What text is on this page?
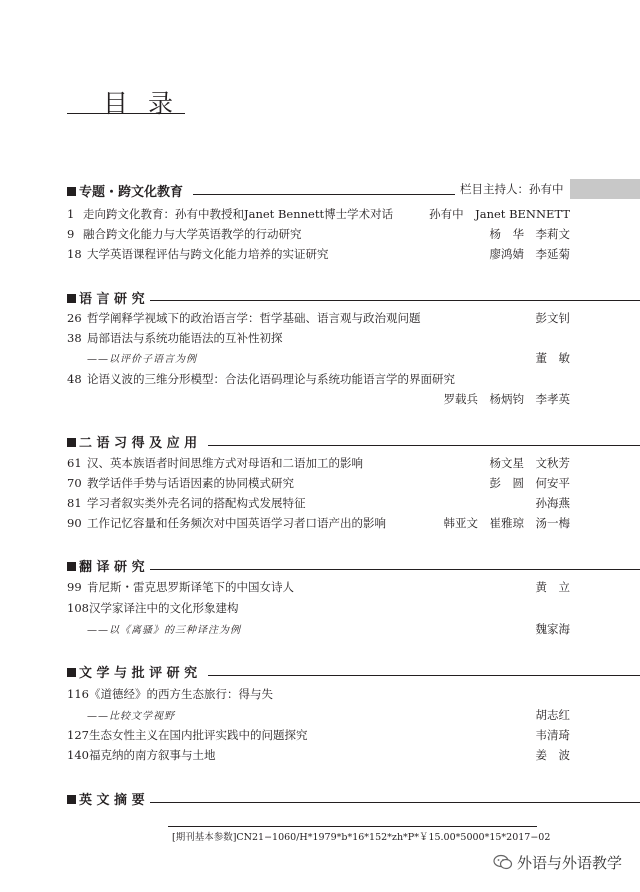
目 录
专题・跨文化教育	栏目主持人：孙有中
1 走向跨文化教育：孙有中教授和Janet Bennett博士学术对话	孙有中　Janet BENNETT
9 融合跨文化能力与大学英语教学的行动研究	杨　华　李莉文
18 大学英语课程评估与跨文化能力培养的实证研究	廖鸿婧　李延菊
语 言 研 究
26 哲学阐释学视域下的政治语言学：哲学基础、语言观与政治观问题	彭文钊
38 局部语法与系统功能语法的互补性初探
——以评价子语言为例	董　敏
48 论语义波的三维分形模型：合法化语码理论与系统功能语言学的界面研究
罗载兵　杨炳钧　李孝英
二 语 习 得 及 应 用
61 汉、英本族语者时间思维方式对母语和二语加工的影响	杨文星　文秋芳
70 教学话伴手势与话语因素的协同模式研究	彭　圆　何安平
81 学习者叙实类外壳名词的搭配构式发展特征	孙海燕
90 工作记忆容量和任务频次对中国英语学习者口语产出的影响	韩亚文　崔雅琼　汤一梅
翻 译 研 究
99 肯尼斯・雷克思罗斯译笔下的中国女诗人	黄　立
108汉学家译注中的文化形象建构
——以《离骚》的三种译注为例	魏家海
文 学 与 批 评 研 究
116《道德经》的西方生态旅行：得与失
——比较文学视野	胡志红
127生态女性主义在国内批评实践中的问题探究	韦清琦
140福克纳的南方叙事与土地	姜　波
英 文 摘 要
[期刊基本参数]CN21−1060/H*1979*b*16*152*zh*P*￥15.00*5000*15*2017−02
外语与外语教学
